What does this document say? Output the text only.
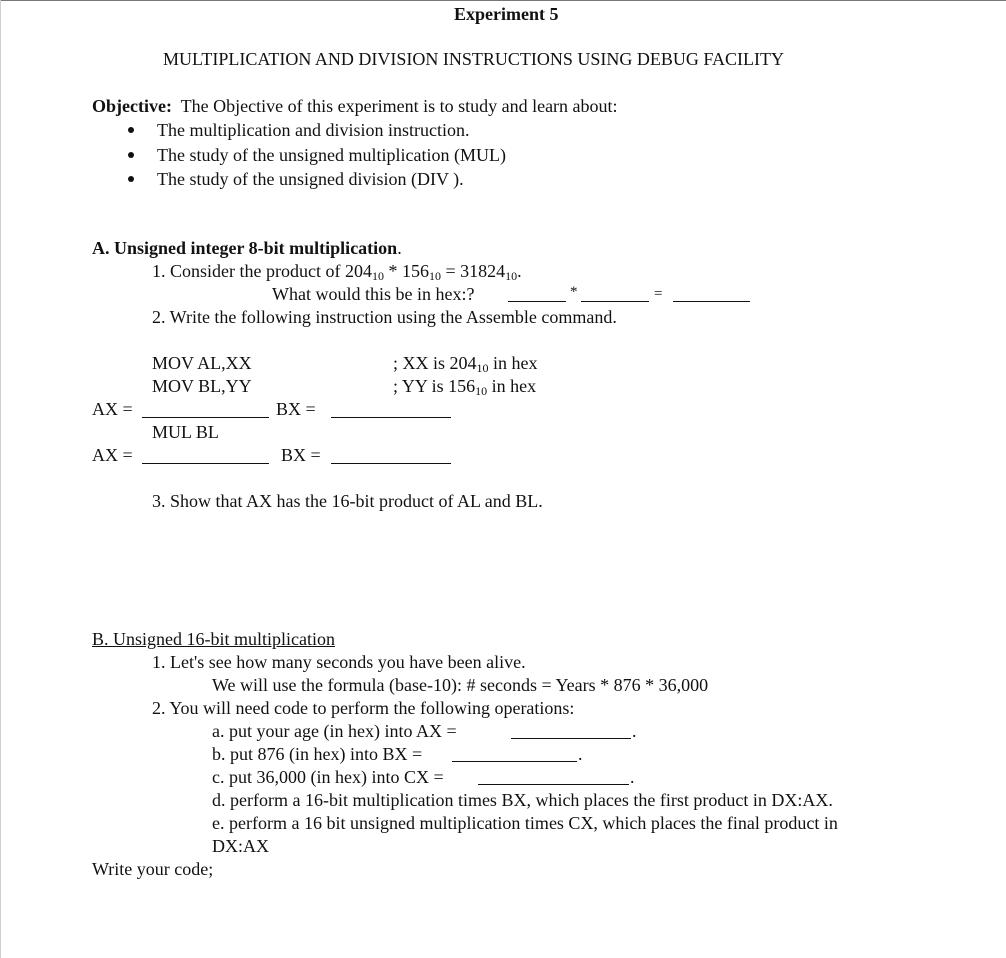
Experiment 5
MULTIPLICATION AND DIVISION INSTRUCTIONS USING DEBUG FACILITY
Objective: The Objective of this experiment is to study and learn about:
The multiplication and division instruction.
The study of the unsigned multiplication (MUL)
The study of the unsigned division (DIV ).
A. Unsigned integer 8-bit multiplication.
1. Consider the product of $204_{10} * 156_{10} = 31824_{10}$.
What would this be in hex:?	*	=
2. Write the following instruction using the Assemble command.
MOV AL,XX	; XX is $204_{10}$ in hex
MOV BL,YY	; YY is $156_{10}$ in hex
AX =	BX =
MUL BL
AX =	BX =
3. Show that AX has the 16-bit product of AL and BL.
B. Unsigned 16-bit multiplication
1. Let's see how many seconds you have been alive.
We will use the formula (base-10): # seconds = Years * 876 * 36,000
2. You will need code to perform the following operations:
a. put your age (in hex) into AX =	.
b. put 876 (in hex) into BX =	.
c. put 36,000 (in hex) into CX =	.
d. perform a 16-bit multiplication times BX, which places the first product in DX:AX.
e. perform a 16 bit unsigned multiplication times CX, which places the final product in
DX:AX
Write your code;
